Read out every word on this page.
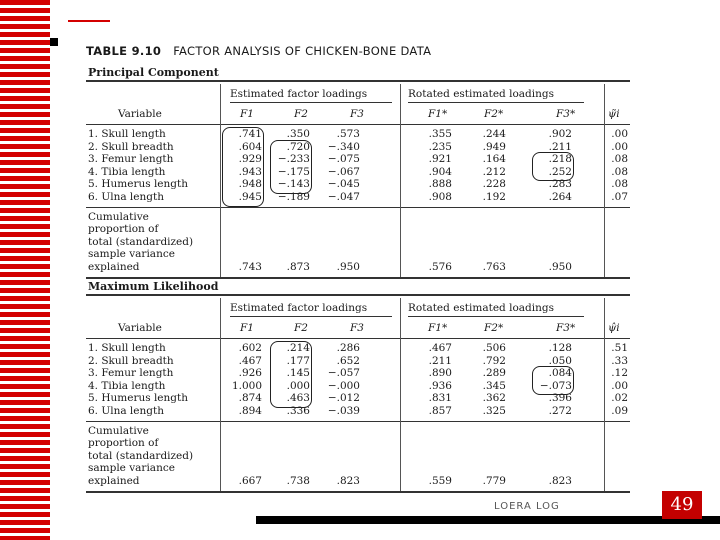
LOERA LOG	49
TABLE 9.10 FACTOR ANALYSIS OF CHICKEN-BONE DATA
Principal Component
Estimated factor loadings	Rotated estimated loadings
Variable	F1	F2	F3	F1*	F2*	F3*	ψ̃i
1. Skull length	.741	.350	.573	.355	.244	.902	.00
2. Skull breadth	.604	.720	−.340	.235	.949	.211	.00
3. Femur length	.929	−.233	−.075	.921	.164	.218	.08
4. Tibia length	.943	−.175	−.067	.904	.212	.252	.08
5. Humerus length	.948	−.143	−.045	.888	.228	.283	.08
6. Ulna length	.945	−.189	−.047	.908	.192	.264	.07
Cumulative
proportion of
total (standardized)
sample variance
explained	.743	.873	.950	.576	.763	.950
Maximum Likelihood
Estimated factor loadings	Rotated estimated loadings
Variable	F1	F2	F3	F1*	F2*	F3*	ψ̂i
1. Skull length	.602	.214	.286	.467	.506	.128	.51
2. Skull breadth	.467	.177	.652	.211	.792	.050	.33
3. Femur length	.926	.145	−.057	.890	.289	.084	.12
4. Tibia length	1.000	.000	−.000	.936	.345	−.073	.00
5. Humerus length	.874	.463	−.012	.831	.362	.396	.02
6. Ulna length	.894	.336	−.039	.857	.325	.272	.09
Cumulative
proportion of
total (standardized)
sample variance
explained	.667	.738	.823	.559	.779	.823
